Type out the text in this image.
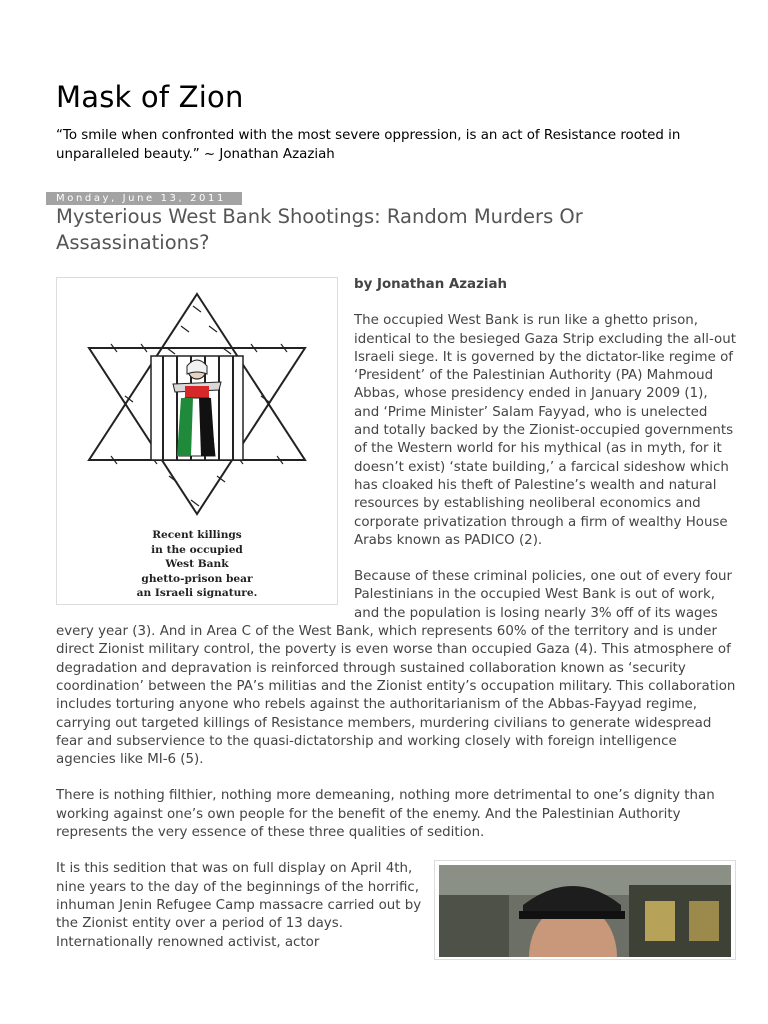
Mask of Zion

“To smile when confronted with the most severe oppression, is an act of Resistance rooted in unparalleled beauty.” ~ Jonathan Azaziah

Monday, June 13, 2011
Mysterious West Bank Shootings: Random Murders Or Assassinations?
Recent killings
in the occupied
West Bank
ghetto-prison bear
an Israeli signature.

by Jonathan Azaziah

The occupied West Bank is run like a ghetto prison, identical to the besieged Gaza Strip excluding the all-out Israeli siege. It is governed by the dictator-like regime of ‘President’ of the Palestinian Authority (PA) Mahmoud Abbas, whose presidency ended in January 2009 (1), and ‘Prime Minister’ Salam Fayyad, who is unelected and totally backed by the Zionist-occupied governments of the Western world for his mythical (as in myth, for it doesn’t exist) ‘state building,’ a farcical sideshow which has cloaked his theft of Palestine’s wealth and natural resources by establishing neoliberal economics and corporate privatization through a firm of wealthy House Arabs known as PADICO (2).

Because of these criminal policies, one out of every four Palestinians in the occupied West Bank is out of work, and the population is losing nearly 3% off of its wages every year (3). And in Area C of the West Bank, which represents 60% of the territory and is under direct Zionist military control, the poverty is even worse than occupied Gaza (4). This atmosphere of degradation and depravation is reinforced through sustained collaboration known as ‘security coordination’ between the PA’s militias and the Zionist entity’s occupation military. This collaboration includes torturing anyone who rebels against the authoritarianism of the Abbas-Fayyad regime, carrying out targeted killings of Resistance members, murdering civilians to generate widespread fear and subservience to the quasi-dictatorship and working closely with foreign intelligence agencies like MI-6 (5).

There is nothing filthier, nothing more demeaning, nothing more detrimental to one’s dignity than working against one’s own people for the benefit of the enemy. And the Palestinian Authority represents the very essence of these three qualities of sedition.

It is this sedition that was on full display on April 4th, nine years to the day of the beginnings of the horrific, inhuman Jenin Refugee Camp massacre carried out by the Zionist entity over a period of 13 days. Internationally renowned activist, actor
